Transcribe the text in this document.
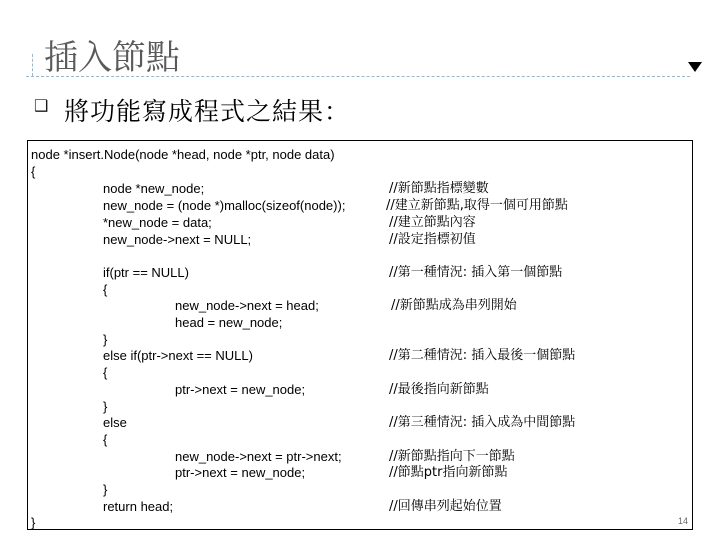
插入節點
❑ 將功能寫成程式之結果：
node *insert.Node(node *head, node *ptr, node data)
{
node *new_node;
new_node = (node *)malloc(sizeof(node));
*new_node = data;
new_node->next = NULL;
if(ptr == NULL)
{
new_node->next = head;
head = new_node;
}
else if(ptr->next == NULL)
{
ptr->next = new_node;
}
else
{
new_node->next = ptr->next;
ptr->next = new_node;
}
return head;
}
//新節點指標變數
//建立新節點,取得一個可用節點
//建立節點內容
//設定指標初值
//第一種情況: 插入第一個節點
//新節點成為串列開始
//第二種情況: 插入最後一個節點
//最後指向新節點
//第三種情況: 插入成為中間節點
//新節點指向下一節點
//節點ptr指向新節點
//回傳串列起始位置
14
